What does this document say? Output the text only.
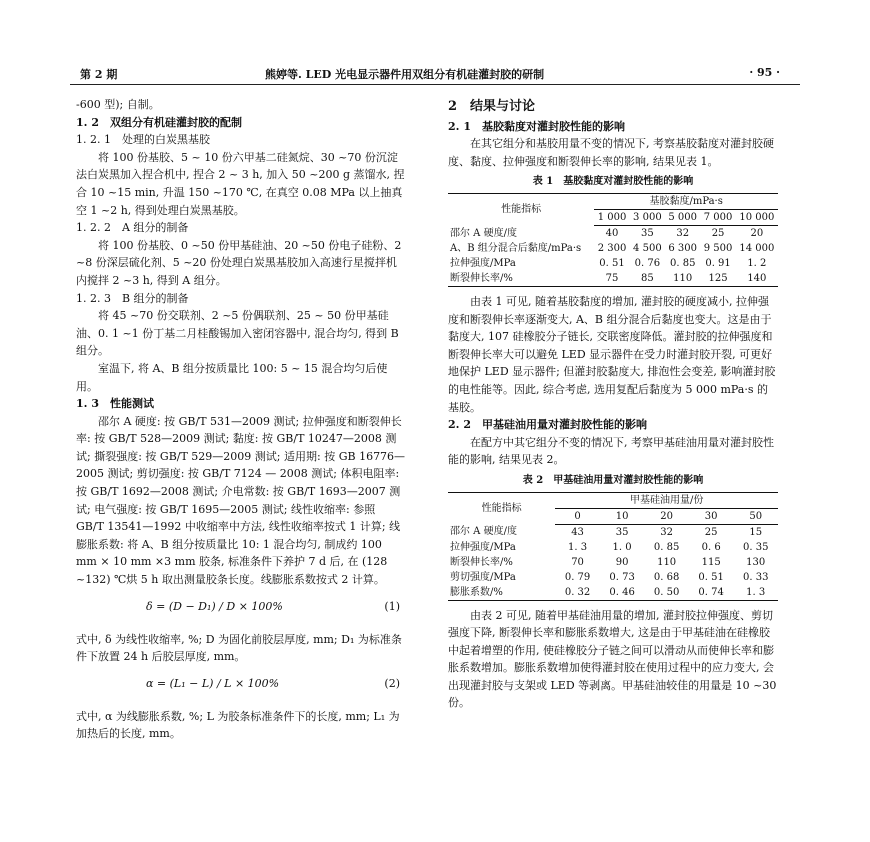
第 2 期	熊婷等. LED 光电显示器件用双组分有机硅灌封胶的研制	· 95 ·

-600 型); 自制。

1. 2　双组分有机硅灌封胶的配制

1. 2. 1　处理的白炭黑基胶

将 100 份基胶、5 ~ 10 份六甲基二硅氮烷、30 ~70 份沉淀法白炭黑加入捏合机中, 捏合 2 ~ 3 h, 加入 50 ~200 g 蒸馏水, 捏合 10 ~15 min, 升温 150 ~170 ℃, 在真空 0.08 MPa 以上抽真空 1 ~2 h, 得到处理白炭黑基胶。

1. 2. 2　A 组分的制备

将 100 份基胶、0 ~50 份甲基硅油、20 ~50 份电子硅粉、2 ~8 份深层硫化剂、5 ~20 份处理白炭黑基胶加入高速行星搅拌机内搅拌 2 ~3 h, 得到 A 组分。

1. 2. 3　B 组分的制备

将 45 ~70 份交联剂、2 ~5 份偶联剂、25 ~ 50 份甲基硅油、0. 1 ~1 份丁基二月桂酸锡加入密闭容器中, 混合均匀, 得到 B 组分。

室温下, 将 A、B 组分按质量比 100: 5 ~ 15 混合均匀后使用。

1. 3　性能测试

邵尔 A 硬度: 按 GB/T 531—2009 测试; 拉伸强度和断裂伸长率: 按 GB/T 528—2009 测试; 黏度: 按 GB/T 10247—2008 测试; 撕裂强度: 按 GB/T 529—2009 测试; 适用期: 按 GB 16776—2005 测试; 剪切强度: 按 GB/T 7124 — 2008 测试; 体积电阻率: 按 GB/T 1692—2008 测试; 介电常数: 按 GB/T 1693—2007 测试; 电气强度: 按 GB/T 1695—2005 测试; 线性收缩率: 参照 GB/T 13541—1992 中收缩率中方法, 线性收缩率按式 1 计算; 线膨胀系数: 将 A、B 组分按质量比 10: 1 混合均匀, 制成约 100 mm × 10 mm ×3 mm 胶条, 标准条件下养护 7 d 后, 在 (128 ~132) ℃烘 5 h 取出测量胶条长度。线膨胀系数按式 2 计算。

δ = (D − D₁) / D × 100%	(1)

式中, δ 为线性收缩率, %; D 为固化前胶层厚度, mm; D₁ 为标准条件下放置 24 h 后胶层厚度, mm。

α = (L₁ − L) / L × 100%	(2)

式中, α 为线膨胀系数, %; L 为胶条标准条件下的长度, mm; L₁ 为加热后的长度, mm。

2　结果与讨论

2. 1　基胶黏度对灌封胶性能的影响

在其它组分和基胶用量不变的情况下, 考察基胶黏度对灌封胶硬度、黏度、拉伸强度和断裂伸长率的影响, 结果见表 1。

表 1　基胶黏度对灌封胶性能的影响

性能指标	基胶黏度/mPa·s				
	1 000	3 000	5 000	7 000	10 000
邵尔 A 硬度/度	40	35	32	25	20
A、B 组分混合后黏度/mPa·s	2 300	4 500	6 300	9 500	14 000
拉伸强度/MPa	0. 51	0. 76	0. 85	0. 91	1. 2
断裂伸长率/%	75	85	110	125	140

由表 1 可见, 随着基胶黏度的增加, 灌封胶的硬度减小, 拉伸强度和断裂伸长率逐渐变大, A、B 组分混合后黏度也变大。这是由于黏度大, 107 硅橡胶分子链长, 交联密度降低。灌封胶的拉伸强度和断裂伸长率大可以避免 LED 显示器件在受力时灌封胶开裂, 可更好地保护 LED 显示器件; 但灌封胶黏度大, 排泡性会变差, 影响灌封胶的电性能等。因此, 综合考虑, 选用复配后黏度为 5 000 mPa·s 的基胶。

2. 2　甲基硅油用量对灌封胶性能的影响

在配方中其它组分不变的情况下, 考察甲基硅油用量对灌封胶性能的影响, 结果见表 2。

表 2　甲基硅油用量对灌封胶性能的影响

性能指标	甲基硅油用量/份				
	0	10	20	30	50
邵尔 A 硬度/度	43	35	32	25	15
拉伸强度/MPa	1. 3	1. 0	0. 85	0. 6	0. 35
断裂伸长率/%	70	90	110	115	130
剪切强度/MPa	0. 79	0. 73	0. 68	0. 51	0. 33
膨胀系数/%	0. 32	0. 46	0. 50	0. 74	1. 3

由表 2 可见, 随着甲基硅油用量的增加, 灌封胶拉伸强度、剪切强度下降, 断裂伸长率和膨胀系数增大, 这是由于甲基硅油在硅橡胶中起着增塑的作用, 使硅橡胶分子链之间可以滑动从而使伸长率和膨胀系数增加。膨胀系数增加使得灌封胶在使用过程中的应力变大, 会出现灌封胶与支架或 LED 等剥离。甲基硅油较佳的用量是 10 ~30 份。
